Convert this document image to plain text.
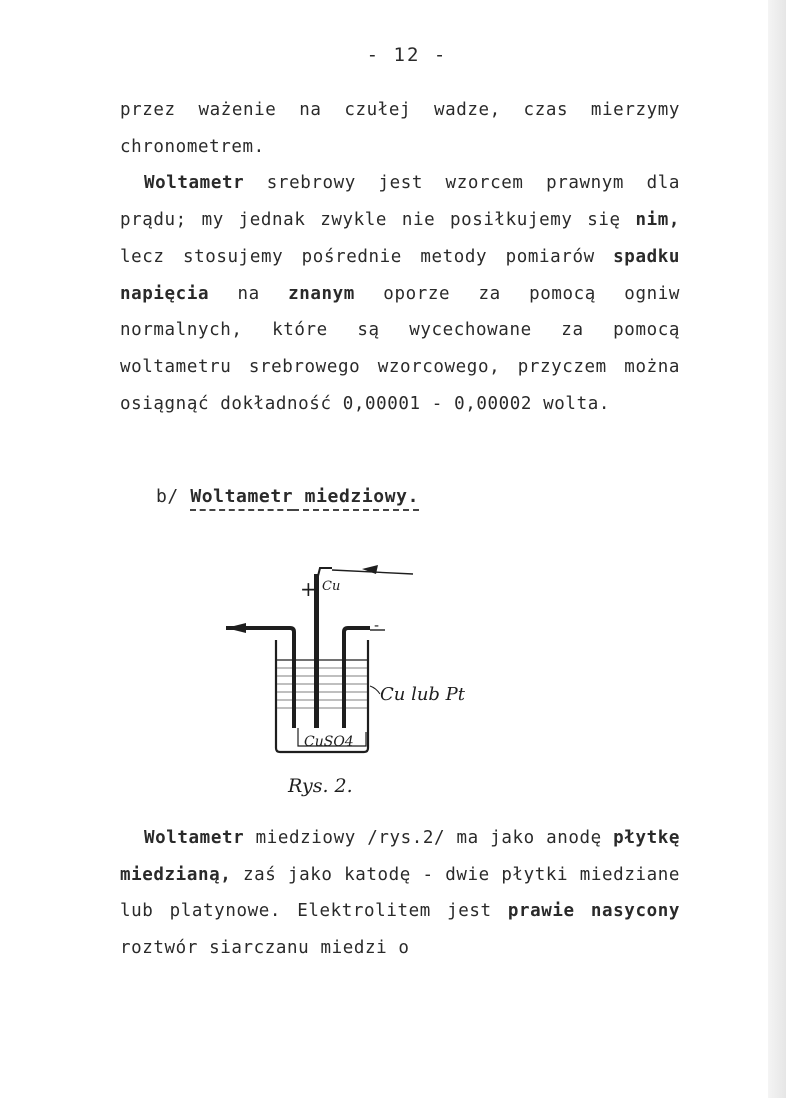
- 12 -

przez ważenie na czułej wadze, czas mierzymy chronometrem.

Woltametr srebrowy jest wzorcem prawnym dla prądu; my jednak zwykle nie posiłkujemy się nim, lecz stosujemy pośrednie metody pomiarów spadku napięcia na znanym oporze za pomocą ogniw normalnych, które są wycechowane za pomocą woltametru srebrowego wzorcowego, przyczem można osiągnąć dokładność 0,00001 - 0,00002 wolta.

b/ Woltametr miedziowy.
+
-
Cu
Cu lub Pt
CuSO4
Rys. 2.

Woltametr miedziowy /rys.2/ ma jako anodę płytkę miedzianą, zaś jako katodę - dwie płytki miedziane lub platynowe. Elektrolitem jest prawie nasycony roztwór siarczanu miedzi o
